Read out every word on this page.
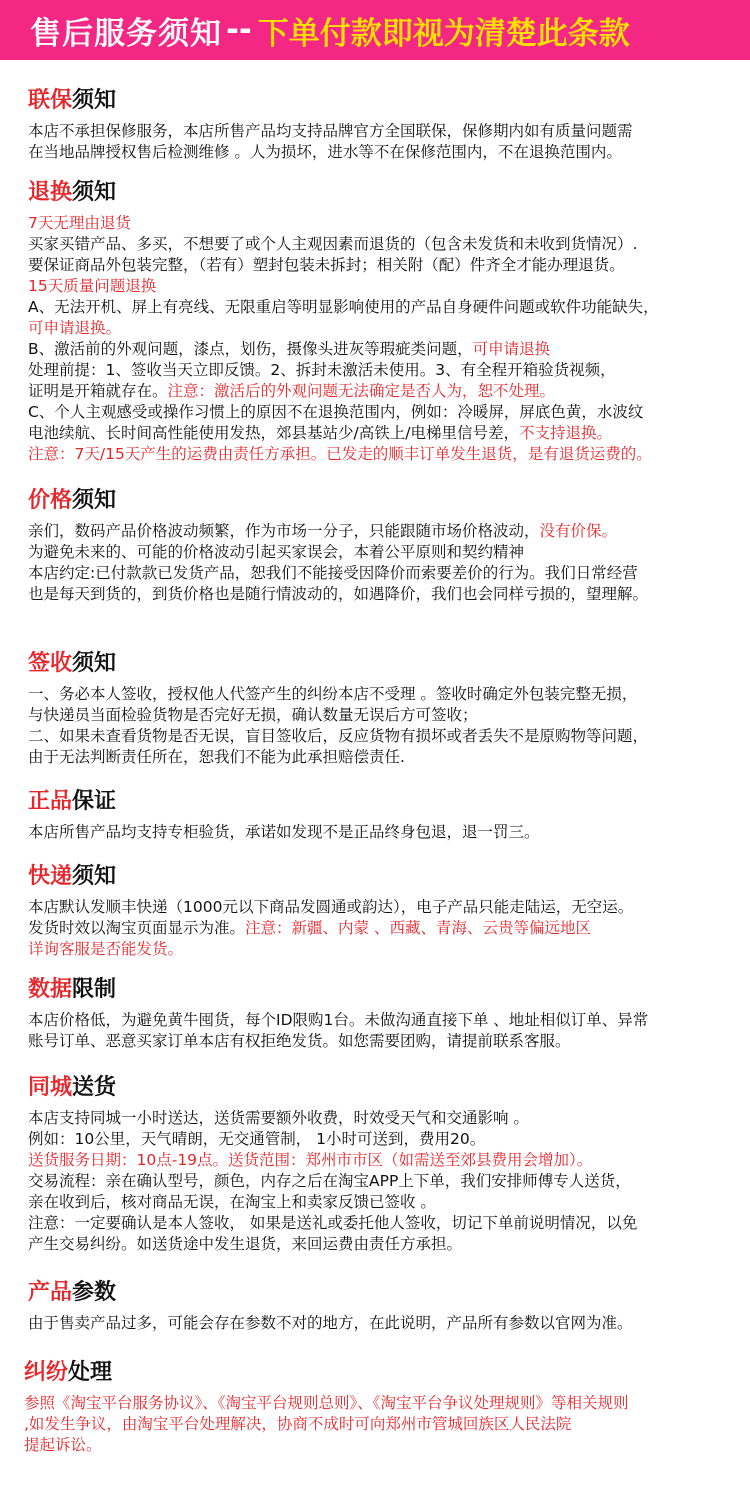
售后服务须知 -- 下单付款即视为清楚此条款
联保须知
本店不承担保修服务，本店所售产品均支持品牌官方全国联保，保修期内如有质量问题需
在当地品牌授权售后检测维修 。人为损坏，进水等不在保修范围内，不在退换范围内。
退换须知
7天无理由退货
买家买错产品、多买，不想要了或个人主观因素而退货的（包含未发货和未收到货情况）.
要保证商品外包装完整，（若有）塑封包装未拆封；相关附（配）件齐全才能办理退货。
15天质量问题退换
A、无法开机、屏上有亮线、无限重启等明显影响使用的产品自身硬件问题或软件功能缺失，
可申请退换。
B、激活前的外观问题，漆点，划伤，摄像头进灰等瑕疵类问题，可申请退换
处理前提：1、签收当天立即反馈。2、拆封未激活未使用。3、有全程开箱验货视频，
证明是开箱就存在。注意：激活后的外观问题无法确定是否人为，恕不处理。
C、个人主观感受或操作习惯上的原因不在退换范围内，例如：冷暖屏，屏底色黄，水波纹
电池续航、长时间高性能使用发热，郊县基站少/高铁上/电梯里信号差，不支持退换。
注意：7天/15天产生的运费由责任方承担。已发走的顺丰订单发生退货，是有退货运费的。
价格须知
亲们，数码产品价格波动频繁，作为市场一分子，只能跟随市场价格波动，没有价保。
为避免未来的、可能的价格波动引起买家误会，本着公平原则和契约精神
本店约定:已付款款已发货产品，恕我们不能接受因降价而索要差价的行为。我们日常经营
也是每天到货的，到货价格也是随行情波动的，如遇降价，我们也会同样亏损的，望理解。
签收须知
一、务必本人签收，授权他人代签产生的纠纷本店不受理 。签收时确定外包装完整无损，
与快递员当面检验货物是否完好无损，确认数量无误后方可签收；
二、如果未查看货物是否无误，盲目签收后，反应货物有损坏或者丢失不是原购物等问题，
由于无法判断责任所在，恕我们不能为此承担赔偿责任.
正品保证
本店所售产品均支持专柜验货，承诺如发现不是正品终身包退，退一罚三。
快递须知
本店默认发顺丰快递（1000元以下商品发圆通或韵达），电子产品只能走陆运，无空运。
发货时效以淘宝页面显示为准。注意：新疆、内蒙 、西藏、青海、云贵等偏远地区
详询客服是否能发货。
数据限制
本店价格低，为避免黄牛囤货，每个ID限购1台。未做沟通直接下单 、地址相似订单、异常
账号订单、恶意买家订单本店有权拒绝发货。如您需要团购，请提前联系客服。
同城送货
本店支持同城一小时送达，送货需要额外收费，时效受天气和交通影响 。
例如：10公里，天气晴朗，无交通管制， 1小时可送到，费用20。
送货服务日期：10点-19点。送货范围：郑州市市区（如需送至郊县费用会增加）。
交易流程：亲在确认型号，颜色，内存之后在淘宝APP上下单，我们安排师傅专人送货，
亲在收到后，核对商品无误，在淘宝上和卖家反馈已签收 。
注意：一定要确认是本人签收， 如果是送礼或委托他人签收，切记下单前说明情况，以免
产生交易纠纷。如送货途中发生退货，来回运费由责任方承担。
产品参数
由于售卖产品过多，可能会存在参数不对的地方，在此说明，产品所有参数以官网为准。
纠纷处理
参照《淘宝平台服务协议》、《淘宝平台规则总则》、《淘宝平台争议处理规则》等相关规则
,如发生争议，由淘宝平台处理解决，协商不成时可向郑州市管城回族区人民法院
提起诉讼。
